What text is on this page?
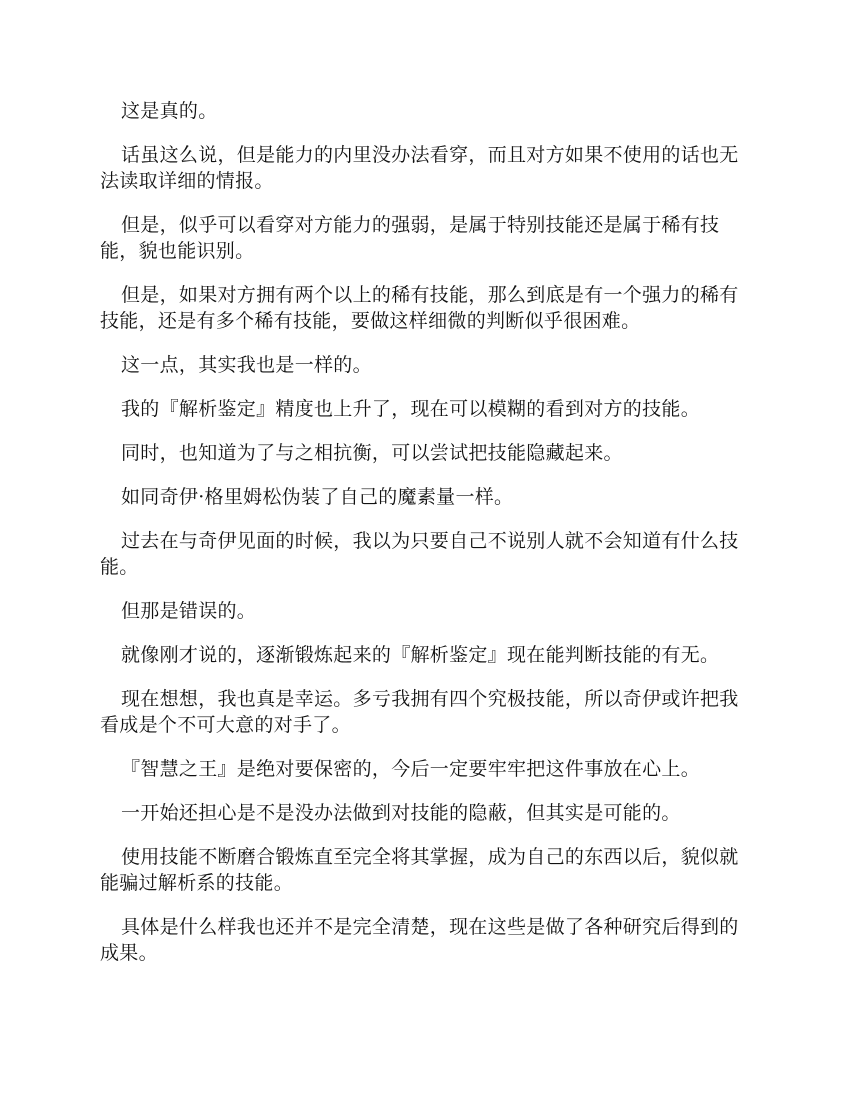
这是真的。

话虽这么说，但是能力的内里没办法看穿，而且对方如果不使用的话也无法读取详细的情报。

但是，似乎可以看穿对方能力的强弱，是属于特别技能还是属于稀有技能，貌也能识别。

但是，如果对方拥有两个以上的稀有技能，那么到底是有一个强力的稀有技能，还是有多个稀有技能，要做这样细微的判断似乎很困难。

这一点，其实我也是一样的。

我的『解析鉴定』精度也上升了，现在可以模糊的看到对方的技能。

同时，也知道为了与之相抗衡，可以尝试把技能隐藏起来。

如同奇伊·格里姆松伪装了自己的魔素量一样。

过去在与奇伊见面的时候，我以为只要自己不说别人就不会知道有什么技能。

但那是错误的。

就像刚才说的，逐渐锻炼起来的『解析鉴定』现在能判断技能的有无。

现在想想，我也真是幸运。多亏我拥有四个究极技能，所以奇伊或许把我看成是个不可大意的对手了。

『智慧之王』是绝对要保密的，今后一定要牢牢把这件事放在心上。

一开始还担心是不是没办法做到对技能的隐蔽，但其实是可能的。

使用技能不断磨合锻炼直至完全将其掌握，成为自己的东西以后，貌似就能骗过解析系的技能。

具体是什么样我也还并不是完全清楚，现在这些是做了各种研究后得到的成果。
